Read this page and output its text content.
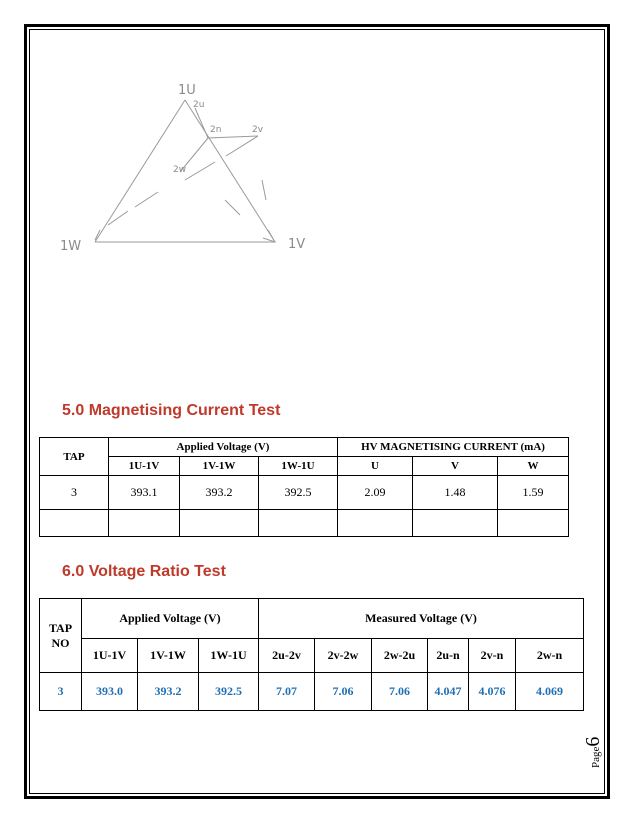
1U
2u
2n	2v
2w
1W	1V
5.0 Magnetising Current Test
TAP	Applied Voltage (V)			HV MAGNETISING CURRENT (mA)		
	1U-1V	1V-1W	1W-1U	U	V	W
3	393.1	393.2	392.5	2.09	1.48	1.59

6.0 Voltage Ratio Test
TAP NO	Applied Voltage (V)			Measured Voltage (V)					
	1U-1V	1V-1W	1W-1U	2u-2v	2v-2w	2w-2u	2u-n	2v-n	2w-n
3	393.0	393.2	392.5	7.07	7.06	7.06	4.047	4.076	4.069
Page6
